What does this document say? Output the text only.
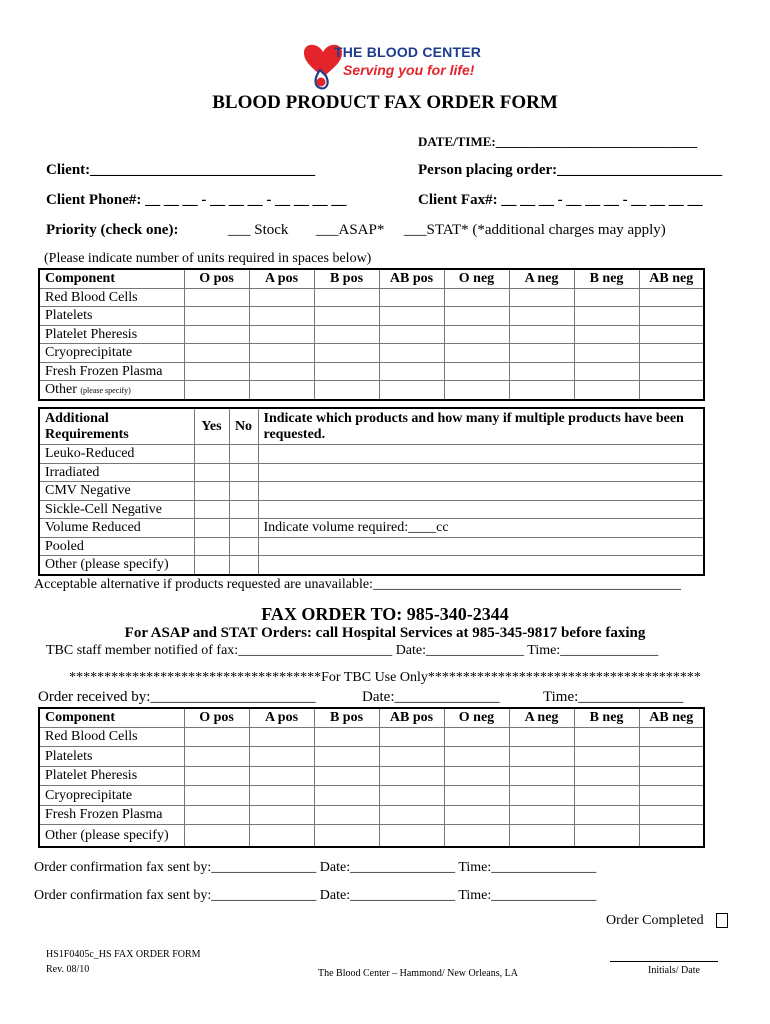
THE BLOOD CENTER
Serving you for life!
BLOOD PRODUCT FAX ORDER FORM
DATE/TIME:_______________________________
Client:______________________________	Person placing order:______________________
Client Phone#: __ __ __ - __ __ __ - __ __ __ __	Client Fax#: __ __ __ - __ __ __ - __ __ __ __
Priority (check one):	___ Stock ___ASAP* ___STAT* (*additional charges may apply)
(Please indicate number of units required in spaces below)
Component	O pos	A pos	B pos	AB pos	O neg	A neg	B neg	AB neg
Red Blood Cells								
Platelets								
Platelet Pheresis								
Cryoprecipitate								
Fresh Frozen Plasma								
Other (please specify)								
Additional Requirements	Yes	No	Indicate which products and how many if multiple products have been requested.
Leuko-Reduced			
Irradiated			
CMV Negative			
Sickle-Cell Negative			
Volume Reduced			Indicate volume required:____cc
Pooled			
Other (please specify)			
Acceptable alternative if products requested are unavailable:____________________________________________
FAX ORDER TO: 985-340-2344
For ASAP and STAT Orders: call Hospital Services at 985-345-9817 before faxing
TBC staff member notified of fax:______________________ Date:______________ Time:______________
************************************For TBC Use Only***************************************
Order received by:______________________	Date:______________	Time:______________
Component	O pos	A pos	B pos	AB pos	O neg	A neg	B neg	AB neg
Red Blood Cells								
Platelets								
Platelet Pheresis								
Cryoprecipitate								
Fresh Frozen Plasma								
Other (please specify)								
Order confirmation fax sent by:_______________ Date:_______________ Time:_______________
Order confirmation fax sent by:_______________ Date:_______________ Time:_______________
Order Completed
HS1F0405c_HS FAX ORDER FORM
Rev. 08/10	The Blood Center – Hammond/ New Orleans, LA	Initials/ Date
